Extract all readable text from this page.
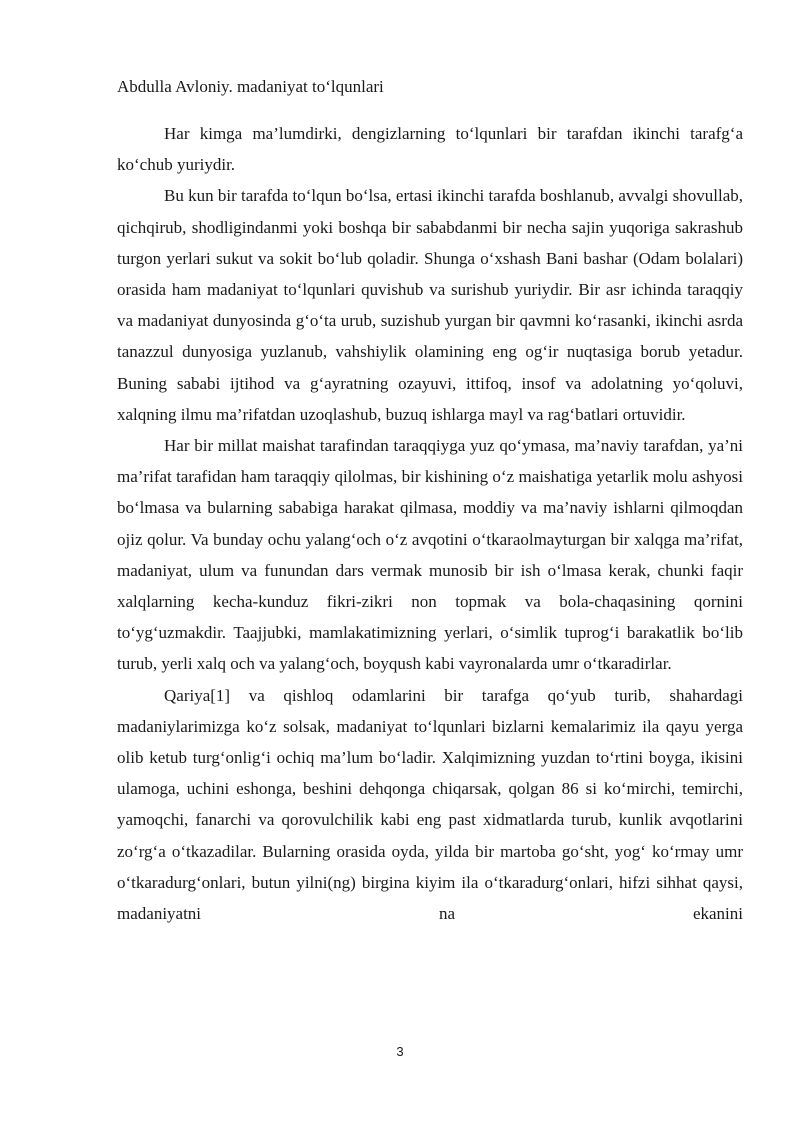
Abdulla Avloniy. madaniyat to‘lqunlari

Har kimga ma’lumdirki, dengizlarning to‘lqunlari bir tarafdan ikinchi tarafg‘a ko‘chub yuriydir.

Bu kun bir tarafda to‘lqun bo‘lsa, ertasi ikinchi tarafda boshlanub, avvalgi shovullab, qichqirub, shodligindanmi yoki boshqa bir sababdanmi bir necha sajin yuqoriga sakrashub turgon yerlari sukut va sokit bo‘lub qoladir. Shunga o‘xshash Bani bashar (Odam bolalari) orasida ham madaniyat to‘lqunlari quvishub va surishub yuriydir. Bir asr ichinda taraqqiy va madaniyat dunyosinda g‘o‘ta urub, suzishub yurgan bir qavmni ko‘rasanki, ikinchi asrda tanazzul dunyosiga yuzlanub, vahshiylik olamining eng og‘ir nuqtasiga borub yetadur. Buning sababi ijtihod va g‘ayratning ozayuvi, ittifoq, insof va adolatning yo‘qoluvi, xalqning ilmu ma’rifatdan uzoqlashub, buzuq ishlarga mayl va rag‘batlari ortuvidir.

Har bir millat maishat tarafindan taraqqiyga yuz qo‘ymasa, ma’naviy tarafdan, ya’ni ma’rifat tarafidan ham taraqqiy qilolmas, bir kishining o‘z maishatiga yetarlik molu ashyosi bo‘lmasa va bularning sababiga harakat qilmasa, moddiy va ma’naviy ishlarni qilmoqdan ojiz qolur. Va bunday ochu yalang‘och o‘z avqotini o‘tkaraolmayturgan bir xalqga ma’rifat, madaniyat, ulum va funundan dars vermak munosib bir ish o‘lmasa kerak, chunki faqir xalqlarning kecha-kunduz fikri-zikri non topmak va bola-chaqasining qornini to‘yg‘uzmakdir. Taajjubki, mamlakatimizning yerlari, o‘simlik tuprog‘i barakatlik bo‘lib turub, yerli xalq och va yalang‘och, boyqush kabi vayronalarda umr o‘tkaradirlar.

Qariya[1] va qishloq odamlarini bir tarafga qo‘yub turib, shahardagi madaniylarimizga ko‘z solsak, madaniyat to‘lqunlari bizlarni kemalarimiz ila qayu yerga olib ketub turg‘onlig‘i ochiq ma’lum bo‘ladir. Xalqimizning yuzdan to‘rtini boyga, ikisini ulamoga, uchini eshonga, beshini dehqonga chiqarsak, qolgan 86 si ko‘mirchi, temirchi, yamoqchi, fanarchi va qorovulchilik kabi eng past xidmatlarda turub, kunlik avqotlarini zo‘rg‘a o‘tkazadilar. Bularning orasida oyda, yilda bir martoba go‘sht, yog‘ ko‘rmay umr o‘tkaradurg‘onlari, butun yilni(ng) birgina kiyim ila o‘tkaradurg‘onlari, hifzi sihhat qaysi, madaniyatni na ekanini

3
